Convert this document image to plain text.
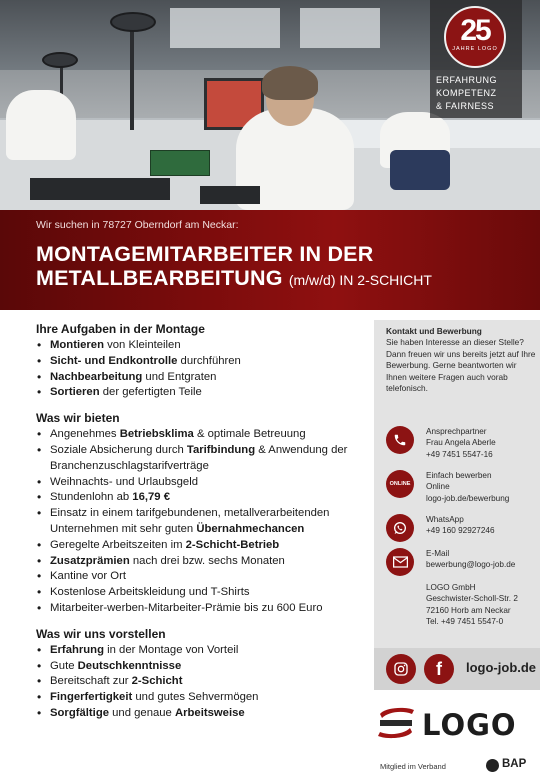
25
JAHRE LOGO
ERFAHRUNG
KOMPETENZ
& FAIRNESS
Wir suchen in 78727 Oberndorf am Neckar:
MONTAGEMITARBEITER IN DER
METALLBEARBEITUNG (m/w/d) IN 2-SCHICHT
Ihre Aufgaben in der Montage
• Montieren von Kleinteilen
• Sicht- und Endkontrolle durchführen
• Nachbearbeitung und Entgraten
• Sortieren der gefertigten Teile
Was wir bieten
• Angenehmes Betriebsklima & optimale Betreuung
• Soziale Absicherung durch Tarifbindung & Anwendung der Branchenzuschlagstarifverträge
• Weihnachts- und Urlaubsgeld
• Stundenlohn ab 16,79 €
• Einsatz in einem tarifgebundenen, metallverarbeitenden Unternehmen mit sehr guten Übernahmechancen
• Geregelte Arbeitszeiten im 2-Schicht-Betrieb
• Zusatzprämien nach drei bzw. sechs Monaten
• Kantine vor Ort
• Kostenlose Arbeitskleidung und T-Shirts
• Mitarbeiter-werben-Mitarbeiter-Prämie bis zu 600 Euro
Was wir uns vorstellen
• Erfahrung in der Montage von Vorteil
• Gute Deutschkenntnisse
• Bereitschaft zur 2-Schicht
• Fingerfertigkeit und gutes Sehvermögen
• Sorgfältige und genaue Arbeitsweise
Kontakt und Bewerbung
Sie haben Interesse an dieser Stelle? Dann freuen wir uns bereits jetzt auf Ihre Bewerbung. Gerne beantworten wir Ihnen weitere Fragen auch vorab telefonisch.
Ansprechpartner
Frau Angela Aberle
+49 7451 5547-16
ONLINE
Einfach bewerben
Online
logo-job.de/bewerbung
WhatsApp
+49 160 92927246
E-Mail
bewerbung@logo-job.de
LOGO GmbH
Geschwister-Scholl-Str. 2
72160 Horb am Neckar
Tel. +49 7451 5547-0
f logo-job.de
LOGO
Mitglied im Verband	BAP
